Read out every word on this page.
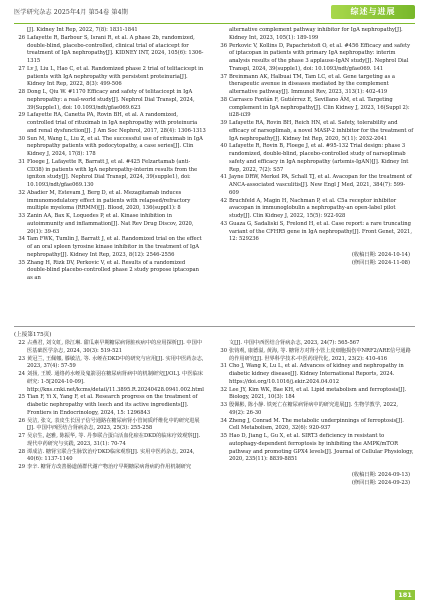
医学研究杂志 2025年4月 第54卷 第4期	综述与进展
[J]. Kidney Int Rep, 2022, 7(8): 1831-1841
26 Lafayette R, Barbour S, Israni R, et al. A phase 2b, randomized, double-blind, placebo-controlled, clinical trial of atacicept for treatment of IgA nephropathy[J]. KIDNEY INT, 2024, 105(6): 1306-1315
27 Lv J, Liu L, Hao C, et al. Randomized phase 2 trial of telitacicept in patients with IgA nephropathy with persistent proteinuria[J]. Kidney Int Rep, 2022, 8(3): 499-506
28 Dong L, Qiu W. #1170 Efficacy and safety of telitacicept in IgA nephropathy: a real-world study[J]. Nephrol Dial Transpl, 2024, 39(Supple1), doi: 10.1093/ndt/gfae069.623
29 Lafayette RA, Canetta PA, Rovin BH, et al. A randomized, controlled trial of rituximab in IgA nephropathy with proteinuria and renal dysfunction[J]. J Am Soc Nephrol, 2017, 28(4): 1306-1313
30 Sun M, Wang L, Liu Z, et al. The successful use of rituximab in IgA nephropathy patients with podocytopathy, a case series[J]. Clin Kidney J, 2024, 17(8): 178
31 Floege J, Lafayette R, Barratt J, et al. #425 Felzartamab (anti-CD38) in patients with IgA nephropathy-interim results from the igniton study[J]. Nephrol Dial Transpl, 2024, 39(supple1), doi: 10.1093/ndt/gfae069.130
32 Abadier M, Estevam J, Berg D, et al. Mezagitamab induces immunomodulatory effect in patients with relapsed/refractory multiple myeloma (RRMM)[J]. Blood, 2020, 136(suppl1): 8
33 Zanin AA, Bax K, Loquedes P, et al. Kinase inhibition in autoimmunity and inflammation[J]. Nat Rev Drug Discov, 2020, 20(1): 39-63
34 Tam FWK, Tumlin J, Barratt J, et al. Randomized trial on the effect of an oral spleen tyrosine kinase inhibitor in the treatment of IgA nephropathy[J]. Kidney Int Rep, 2023, 8(12): 2546-2556
35 Zhang H, Rizk DV, Perkovic V, et al. Results of a randomized double-blind placebo-controlled phase 2 study propose iptacopan as an
alternative complement pathway inhibitor for IgA nephropathy[J]. Kidney Int, 2023, 105(1): 189-199
36 Perkovic V, Kollins D, Papachristofi O, et al. #456 Efficacy and safety of iptacopan in patients with primary IgA nephropathy: interim analysis results of the phase 3 applause-IgAN study[J]. Nephrol Dial Transpl, 2024, 39(supple1), doi: 10.1093/ndt/gfae069. 141
37 Breinmann AK, Halbuai TM, Tam LC, et al. Gene targeting as a therapeutic avenue in diseases mediated by the complement alternative pathway[J]. Immunol Rev, 2023, 313(1): 402-419
38 Carrasco Fontán F, Gutiérrez E, Sevillano ÁM, et al. Targeting complement in IgA nephropathy[J]. Clin Kidney J, 2023, 16(Suppl 2): ii28-ii39
39 Lafayette RA, Rovin BH, Reich HN, et al. Safety, tolerability and efficacy of narsoplimab, a novel MASP-2 inhibitor for the treatment of IgA nephropathy[J]. Kidney Int Rep, 2020, 5(11): 2032-2041
40 Lafayette R, Rovin B, Floege J, et al. #95-132 Trial design: phase 3 randomized, double-blind, placebo-controlled study of narsoplimab safety and efficacy in IgA nephropathy (artemis-IgAN)[J]. Kidney Int Rep, 2022, 7(2): S57
41 Jayne DRW, Merkel PA, Schall TJ, et al. Avacopan for the treatment of ANCA-associated vasculitis[J]. New Engl J Med, 2021, 384(7): 599-609
42 Bruchfeld A, Magin H, Nachman P, et al. C5a receptor inhibitor avacopan in immunoglobulin a nephropathy-an open-label pilot study[J]. Clin Kidney J, 2022, 15(5): 922-928
43 Guaza G, Sadaliski S, Frelond H, et al. Case report: a rare truncating variant of the CFHR5 gene in IgA nephropathy[J]. Front Genet, 2021, 12: 529236
(收稿日期: 2024-10-14)
(修回日期: 2024-11-08)
(上接第175页)
22 占燕君, 刘文虹, 徐江琳. 甜瓜素早期糖尿病肾脏疾病中的应用探析[J]. 中国中医基础医学杂志, 2024, 30(3): 519-521
23 黄冠兰, 王佩娜, 滕敏洁, 等. 水蛭在DKD中的研究与应用[J]. 实用中医药杂志, 2023, 37(4): 57-59
24 刘扬, 王媛. 通络药水蛭及鬼箭羽在糖尿病肾病中的机制研究[J/OL]. 中医临床研究: 1-5[2024-10-09]. http://kns.cnki.net/kcms/detail/11.3895.R.20240428.0941.002.html
25 Tian F, Yi X, Yang F, et al. Research progress on the treatment of diabetic nephropathy with leech and its active ingredients[J]. Frontiers in Endocrinology, 2024, 15: 1296843
26 吴洁, 张文, 表皮生长因子信号通路在糖尿病肾小管间质纤维化中的研究进展[J]. 中国中西医结合肾病杂志, 2023, 25(3): 255-258
27 吴京生, 赵雅, 陈振华, 等. 丹参联合蛋白活血化瘀在DKD的临床疗效观察[J]. 现代中药研究与实践, 2023, 31(1): 70-74
28 谭成洁. 糖肾宝联合生脉饮治疗DKD临床观察[J]. 实用中医药杂志, 2024, 40(6): 1137-1140
29 李辛. 糖肾方改善肠道菌群代谢产物治疗早期糖尿病肾病的作用机制研究
文[J]. 中国中西医结合肾病杂志, 2023, 24(7): 565-567
30 张钧观, 康德溢, 黄海, 等. 糖肾方对肾小管上皮细胞损伤中NRF2/ARE信号通路的作用研究[J]. 世界科学技术-中医药现代化, 2021, 23(2): 410-416
31 Cho J, Wang K, Lu L, et al. Advances of kidney and nephropathy in diabetic kidney disease[J]. Kidney International Reports, 2024. https://doi.org/10.1016/j.ekir.2024.04.012
32 Lee JY, Kim WK, Bae KH, et al. Lipid metabolism and ferroptosis[J]. Biology, 2021, 10(3): 184
33 殷佩彬, 陈小静. 铁死亡在糖尿病肾病中的研究进展[J]. 生物学教学, 2022, 49(2): 26-30
34 Zheng J, Conrad M. The metabolic underpinnings of ferroptosis[J]. Cell Metabolism, 2020, 32(6): 920-937
35 Hao D, Jiang L, Gu X, et al. SIRT3 deficiency in resistant to autophagy-dependent ferroptosis by inhibiting the AMPK/mTOR pathway and promoting GPX4 levels[J]. Journal of Cellular Physiology, 2020, 235(11): 8839-8851
(收稿日期: 2024-09-13)
(修回日期: 2024-09-23)
181
